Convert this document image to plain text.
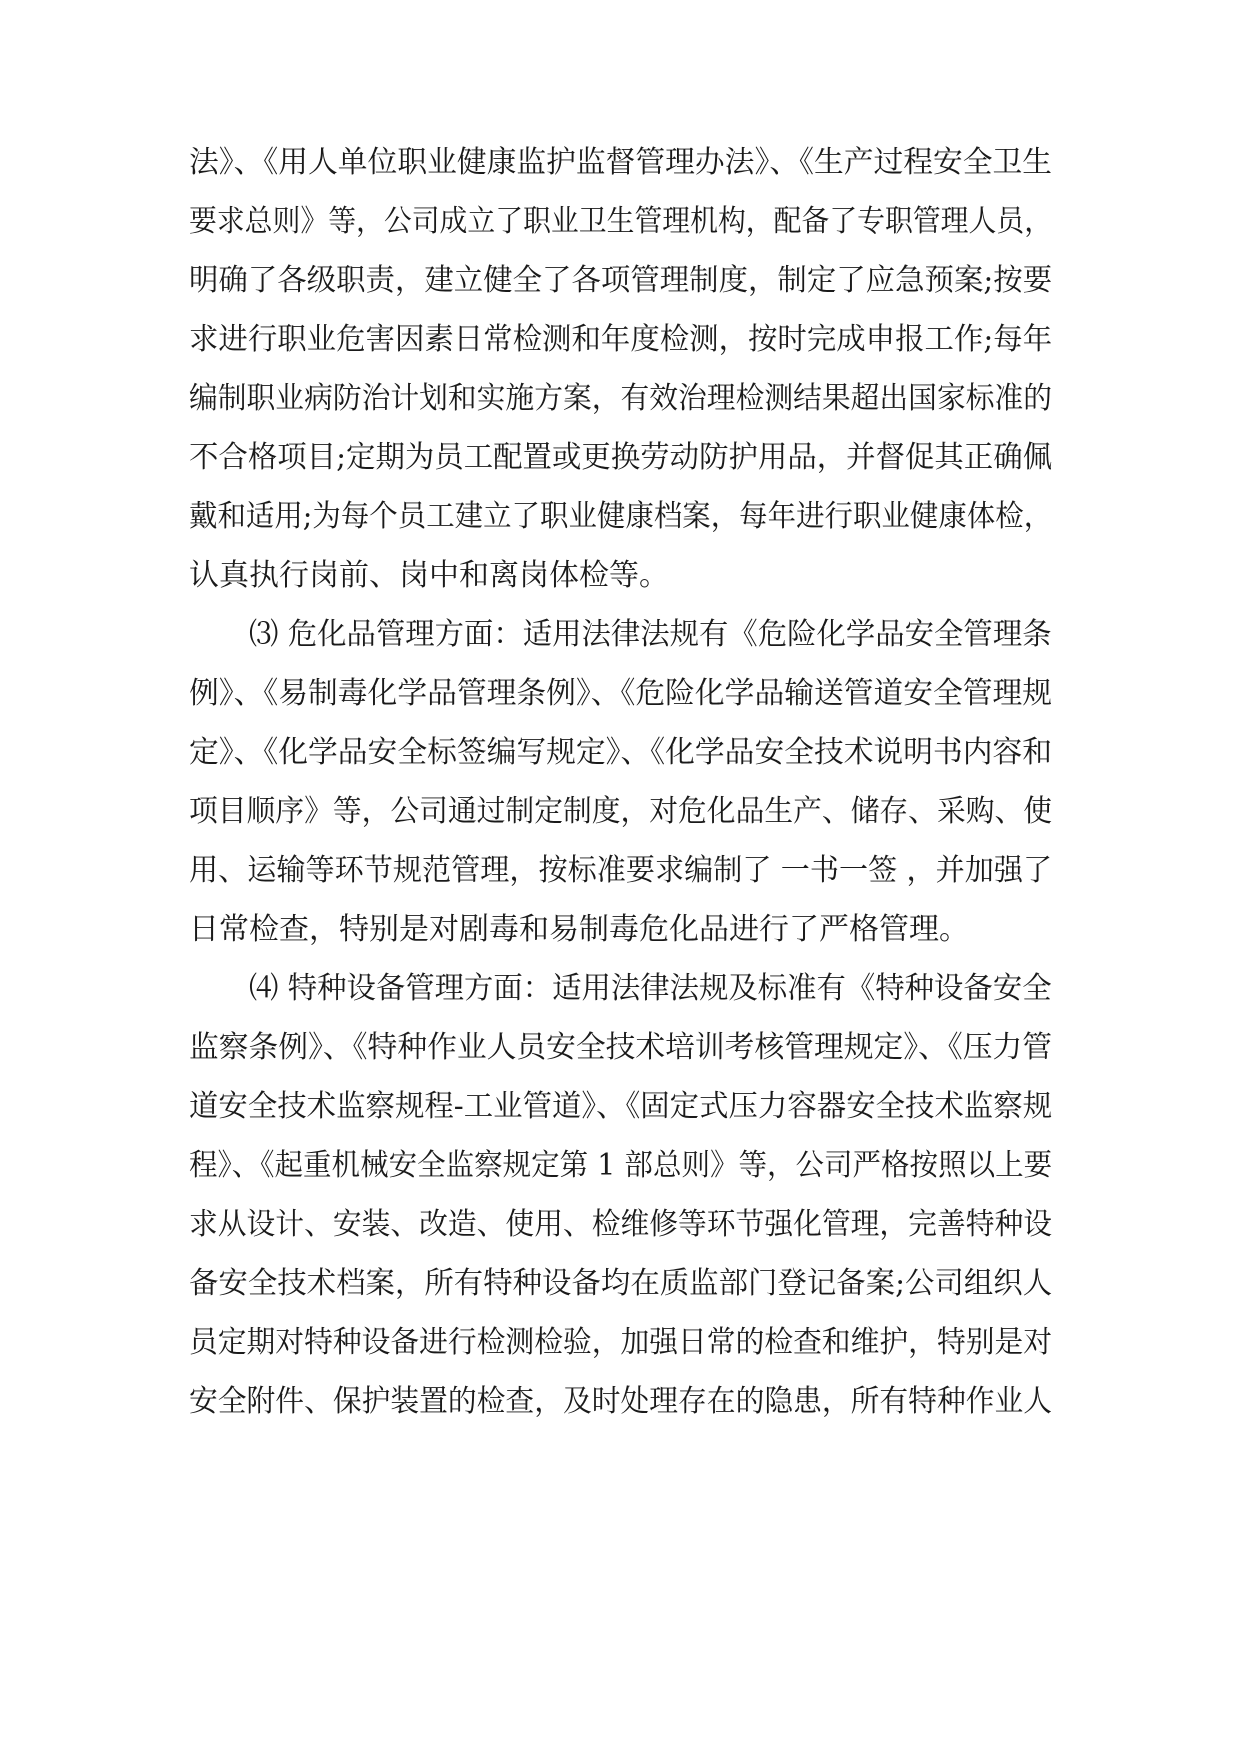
法》、《用人单位职业健康监护监督管理办法》、《生产过程安全卫生
要求总则》等，公司成立了职业卫生管理机构，配备了专职管理人员，
明确了各级职责，建立健全了各项管理制度，制定了应急预案;按要
求进行职业危害因素日常检测和年度检测，按时完成申报工作;每年
编制职业病防治计划和实施方案，有效治理检测结果超出国家标准的
不合格项目;定期为员工配置或更换劳动防护用品，并督促其正确佩
戴和适用;为每个员工建立了职业健康档案，每年进行职业健康体检，
认真执行岗前、岗中和离岗体检等。
⑶ 危化品管理方面：适用法律法规有《危险化学品安全管理条
例》、《易制毒化学品管理条例》、《危险化学品输送管道安全管理规
定》、《化学品安全标签编写规定》、《化学品安全技术说明书内容和
项目顺序》等，公司通过制定制度，对危化品生产、储存、采购、使
用、运输等环节规范管理，按标准要求编制了 一书一签 ，并加强了
日常检查，特别是对剧毒和易制毒危化品进行了严格管理。
⑷ 特种设备管理方面：适用法律法规及标准有《特种设备安全
监察条例》、《特种作业人员安全技术培训考核管理规定》、《压力管
道安全技术监察规程-工业管道》、《固定式压力容器安全技术监察规
程》、《起重机械安全监察规定第 1 部总则》等，公司严格按照以上要
求从设计、安装、改造、使用、检维修等环节强化管理，完善特种设
备安全技术档案，所有特种设备均在质监部门登记备案;公司组织人
员定期对特种设备进行检测检验，加强日常的检查和维护，特别是对
安全附件、保护装置的检查，及时处理存在的隐患，所有特种作业人
